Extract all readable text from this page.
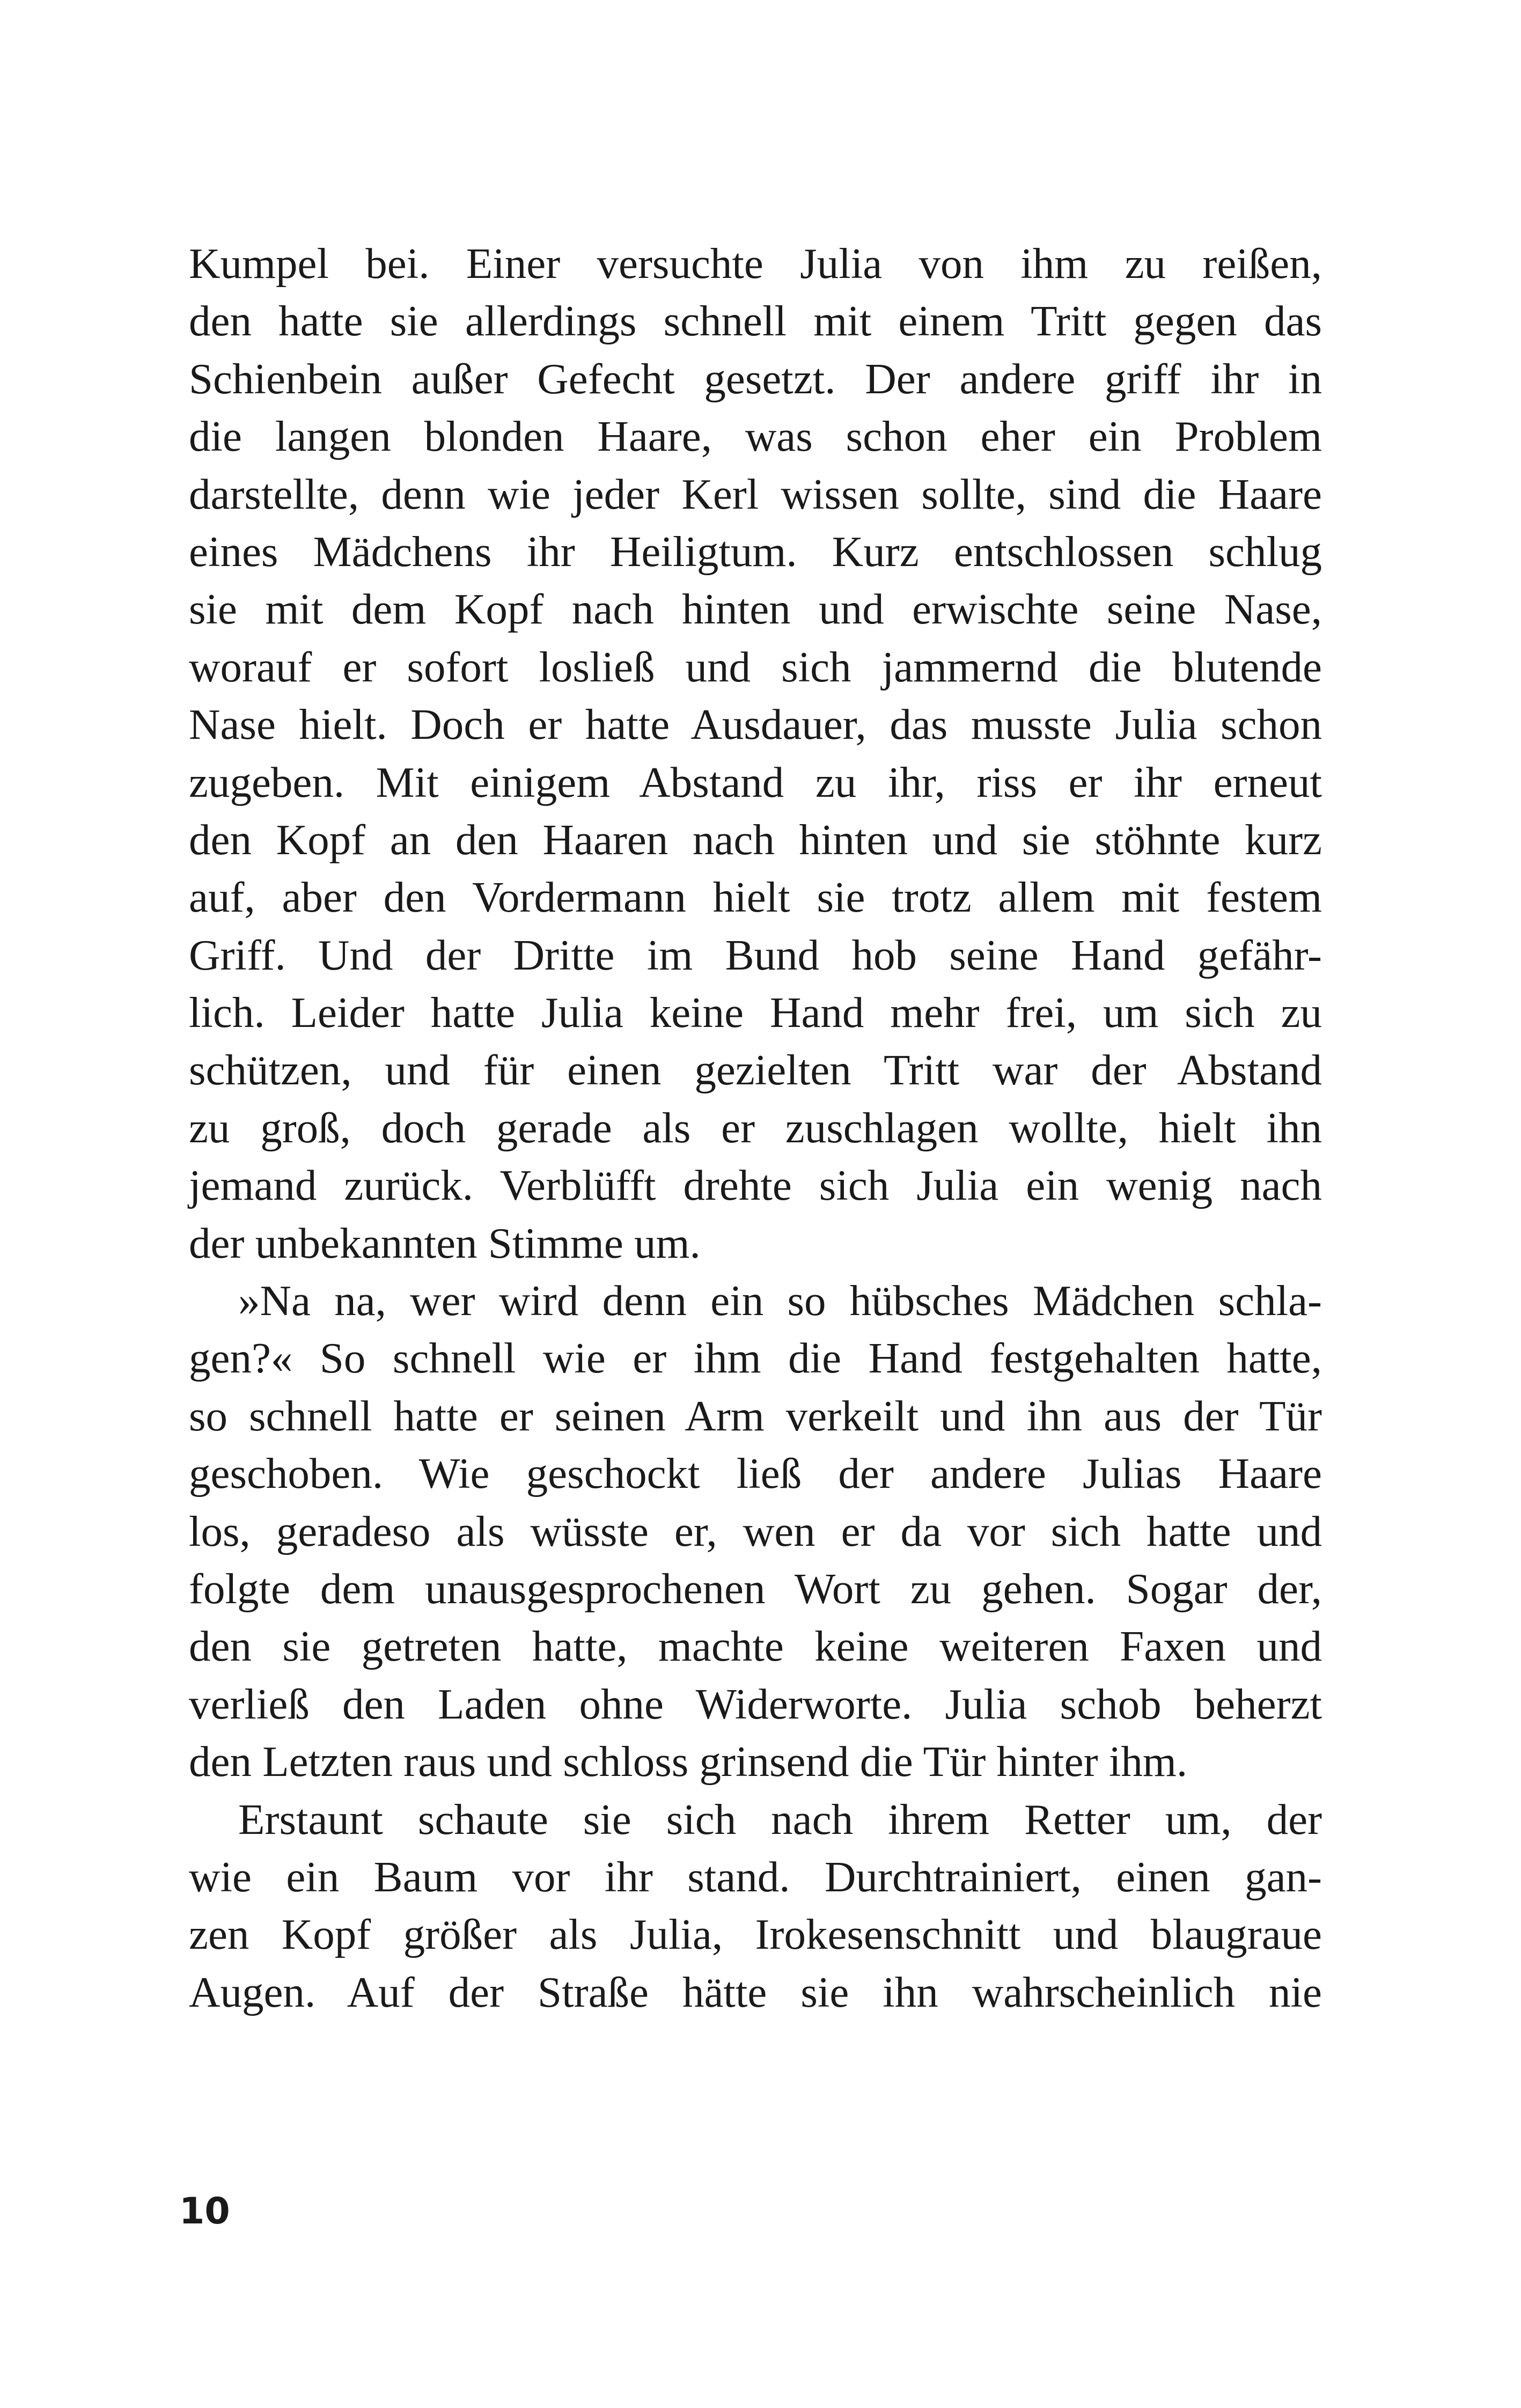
Kumpel bei. Einer versuchte Julia von ihm zu reißen,
den hatte sie allerdings schnell mit einem Tritt gegen das
Schienbein außer Gefecht gesetzt. Der andere griff ihr in
die langen blonden Haare, was schon eher ein Problem
darstellte, denn wie jeder Kerl wissen sollte, sind die Haare
eines Mädchens ihr Heiligtum. Kurz entschlossen schlug
sie mit dem Kopf nach hinten und erwischte seine Nase,
worauf er sofort losließ und sich jammernd die blutende
Nase hielt. Doch er hatte Ausdauer, das musste Julia schon
zugeben. Mit einigem Abstand zu ihr, riss er ihr erneut
den Kopf an den Haaren nach hinten und sie stöhnte kurz
auf, aber den Vordermann hielt sie trotz allem mit festem
Griff. Und der Dritte im Bund hob seine Hand gefähr-
lich. Leider hatte Julia keine Hand mehr frei, um sich zu
schützen, und für einen gezielten Tritt war der Abstand
zu groß, doch gerade als er zuschlagen wollte, hielt ihn
jemand zurück. Verblüfft drehte sich Julia ein wenig nach
der unbekannten Stimme um.
»Na na, wer wird denn ein so hübsches Mädchen schla-
gen?« So schnell wie er ihm die Hand festgehalten hatte,
so schnell hatte er seinen Arm verkeilt und ihn aus der Tür
geschoben. Wie geschockt ließ der andere Julias Haare
los, geradeso als wüsste er, wen er da vor sich hatte und
folgte dem unausgesprochenen Wort zu gehen. Sogar der,
den sie getreten hatte, machte keine weiteren Faxen und
verließ den Laden ohne Widerworte. Julia schob beherzt
den Letzten raus und schloss grinsend die Tür hinter ihm.
Erstaunt schaute sie sich nach ihrem Retter um, der
wie ein Baum vor ihr stand. Durchtrainiert, einen gan-
zen Kopf größer als Julia, Irokesenschnitt und blaugraue
Augen. Auf der Straße hätte sie ihn wahrscheinlich nie
10
